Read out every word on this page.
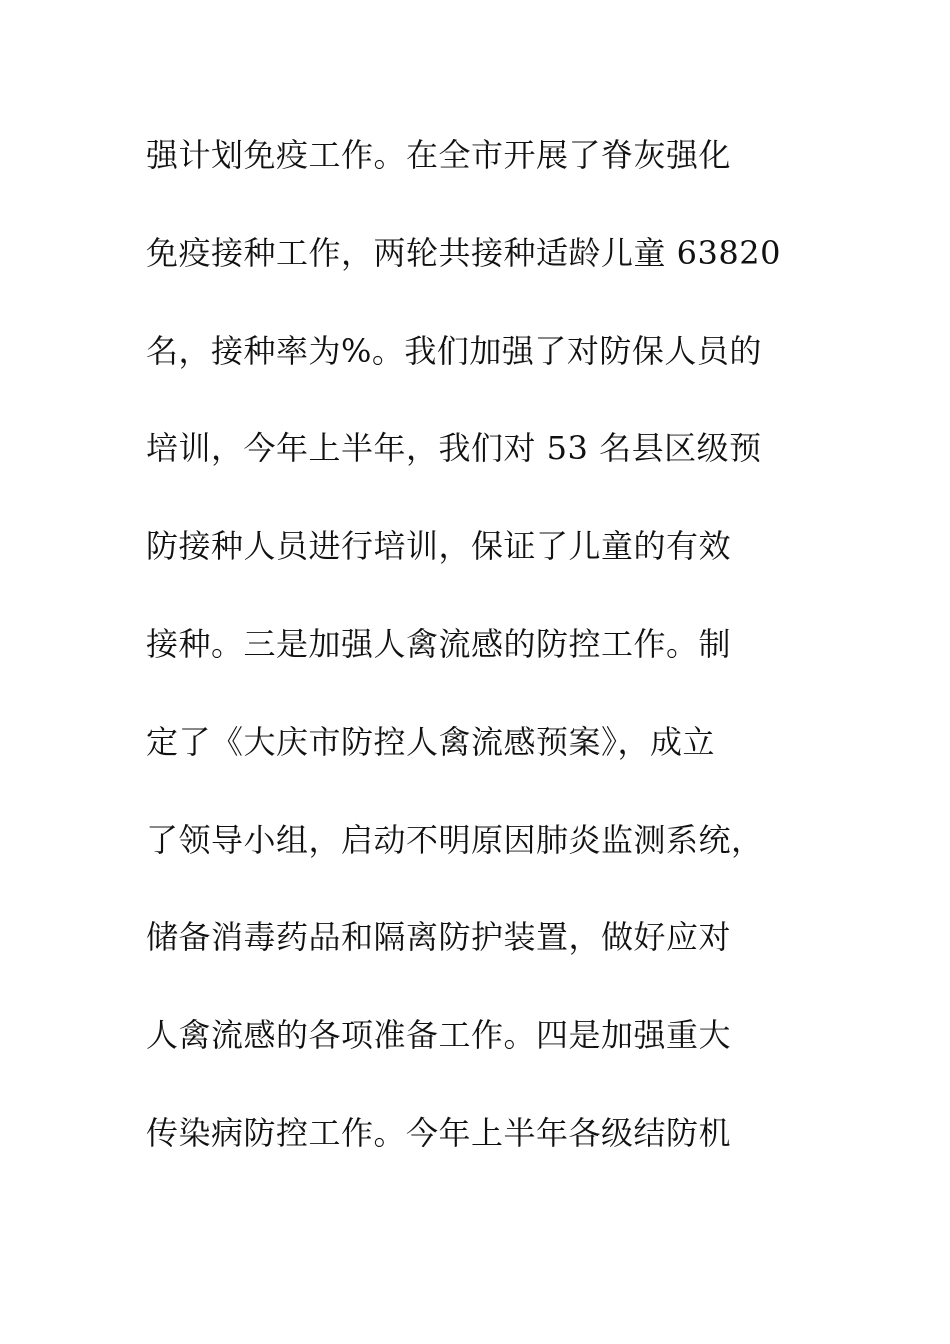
强计划免疫工作。在全市开展了脊灰强化
免疫接种工作，两轮共接种适龄儿童 63820
名，接种率为%。我们加强了对防保人员的
培训，今年上半年，我们对 53 名县区级预
防接种人员进行培训，保证了儿童的有效
接种。三是加强人禽流感的防控工作。制
定了《大庆市防控人禽流感预案》，成立
了领导小组，启动不明原因肺炎监测系统，
储备消毒药品和隔离防护装置，做好应对
人禽流感的各项准备工作。四是加强重大
传染病防控工作。今年上半年各级结防机
